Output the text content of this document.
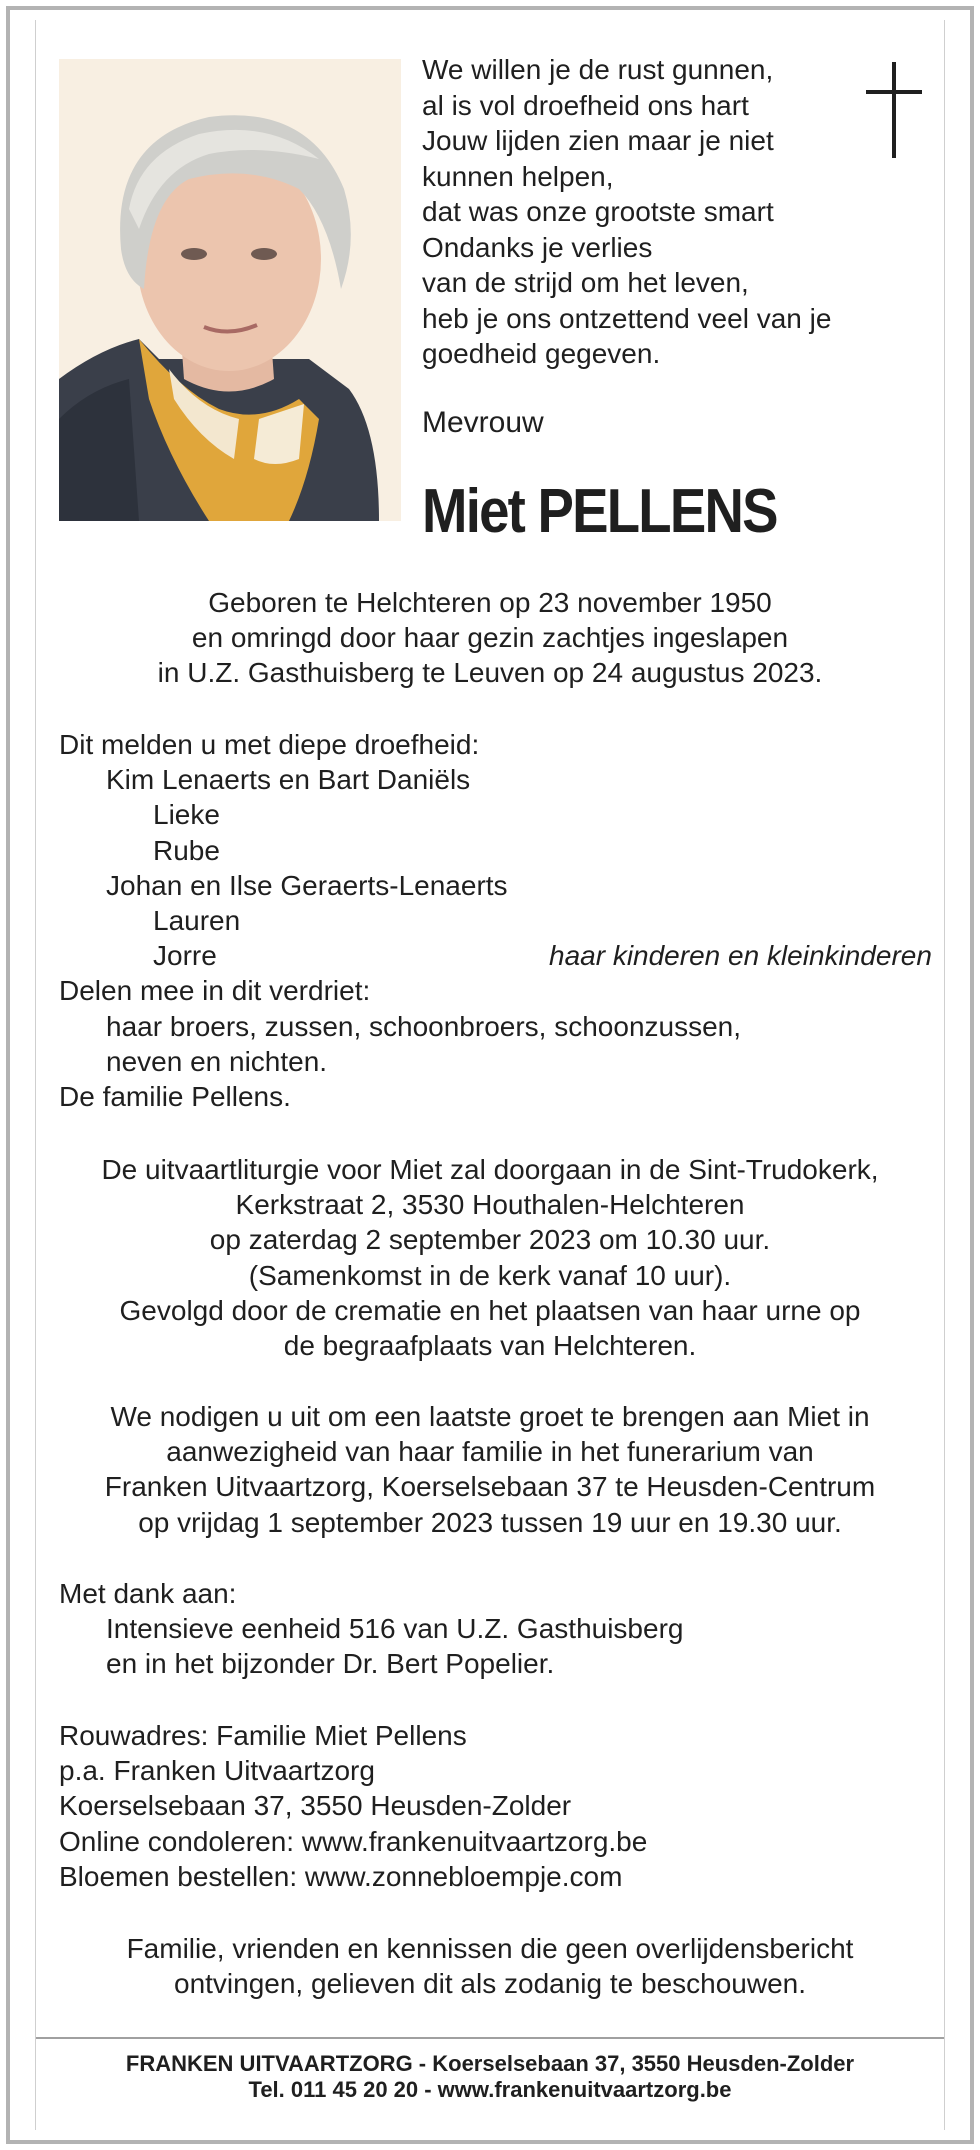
We willen je de rust gunnen,
al is vol droefheid ons hart
Jouw lijden zien maar je niet
kunnen helpen,
dat was onze grootste smart
Ondanks je verlies
van de strijd om het leven,
heb je ons ontzettend veel van je
goedheid gegeven.
Mevrouw
Miet PELLENS
Geboren te Helchteren op 23 november 1950
en omringd door haar gezin zachtjes ingeslapen
in U.Z. Gasthuisberg te Leuven op 24 augustus 2023.
Dit melden u met diepe droefheid:
Kim Lenaerts en Bart Daniëls
Lieke
Rube
Johan en Ilse Geraerts-Lenaerts
Lauren
Jorre	haar kinderen en kleinkinderen
Delen mee in dit verdriet:
haar broers, zussen, schoonbroers, schoonzussen,
neven en nichten.
De familie Pellens.
De uitvaartliturgie voor Miet zal doorgaan in de Sint-Trudokerk,
Kerkstraat 2, 3530 Houthalen-Helchteren
op zaterdag 2 september 2023 om 10.30 uur.
(Samenkomst in de kerk vanaf 10 uur).
Gevolgd door de crematie en het plaatsen van haar urne op
de begraafplaats van Helchteren.
We nodigen u uit om een laatste groet te brengen aan Miet in
aanwezigheid van haar familie in het funerarium van
Franken Uitvaartzorg, Koerselsebaan 37 te Heusden-Centrum
op vrijdag 1 september 2023 tussen 19 uur en 19.30 uur.
Met dank aan:
Intensieve eenheid 516 van U.Z. Gasthuisberg
en in het bijzonder Dr. Bert Popelier.
Rouwadres: Familie Miet Pellens
p.a. Franken Uitvaartzorg
Koerselsebaan 37, 3550 Heusden-Zolder
Online condoleren: www.frankenuitvaartzorg.be
Bloemen bestellen: www.zonnebloempje.com
Familie, vrienden en kennissen die geen overlijdensbericht
ontvingen, gelieven dit als zodanig te beschouwen.
FRANKEN UITVAARTZORG - Koerselsebaan 37, 3550 Heusden-Zolder
Tel. 011 45 20 20 - www.frankenuitvaartzorg.be
